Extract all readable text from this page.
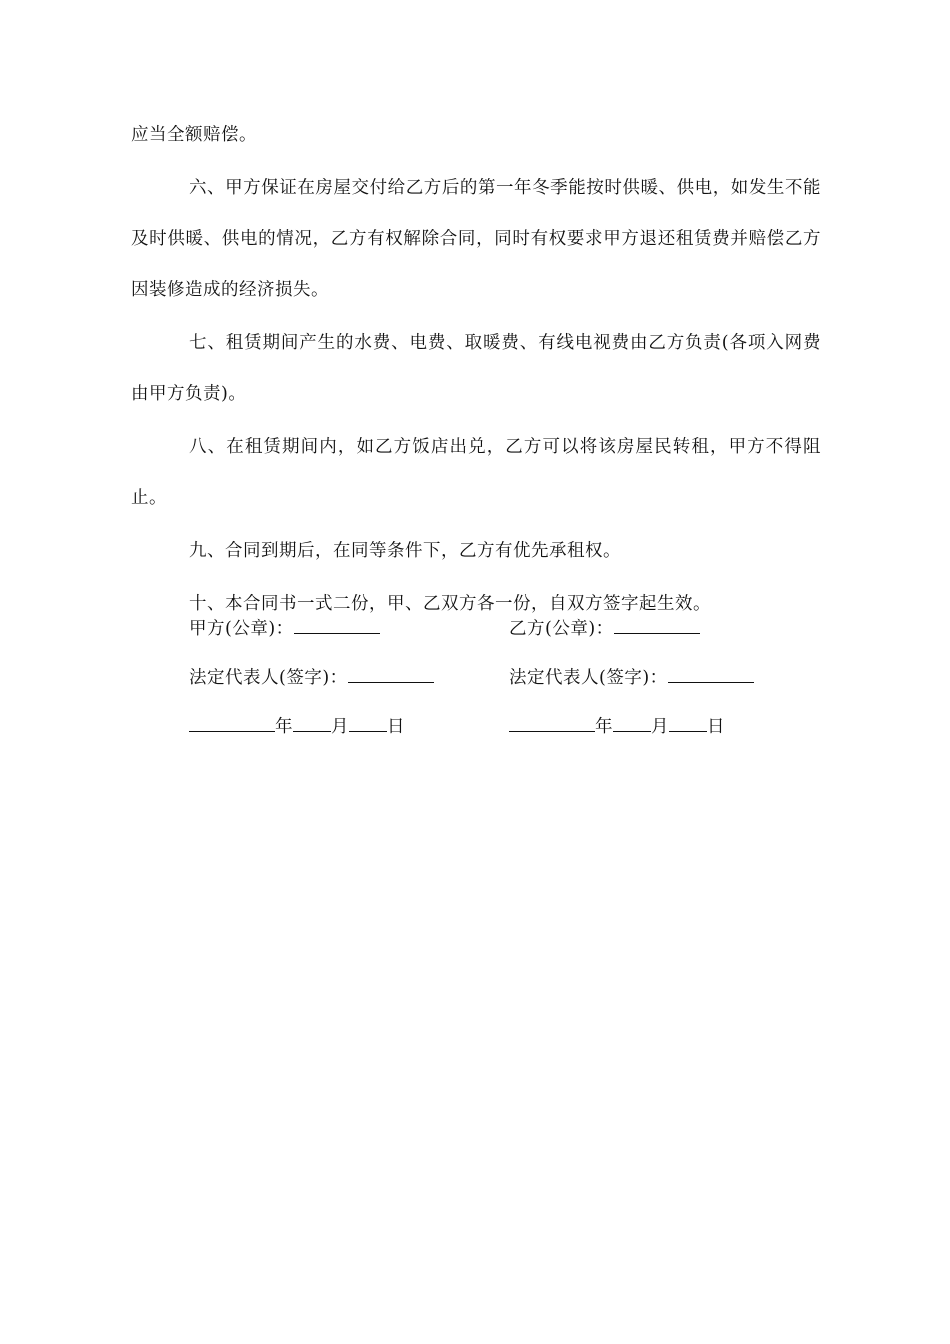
应当全额赔偿。

六、甲方保证在房屋交付给乙方后的第一年冬季能按时供暖、供电，如发生不能及时供暖、供电的情况，乙方有权解除合同，同时有权要求甲方退还租赁费并赔偿乙方因装修造成的经济损失。

七、租赁期间产生的水费、电费、取暖费、有线电视费由乙方负责(各项入网费由甲方负责)。

八、在租赁期间内，如乙方饭店出兑，乙方可以将该房屋民转租，甲方不得阻止。

九、合同到期后，在同等条件下，乙方有优先承租权。

十、本合同书一式二份，甲、乙双方各一份，自双方签字起生效。

甲方(公章)：	乙方(公章)：
法定代表人(签字)：	法定代表人(签字)：
年 月 日	年 月 日
